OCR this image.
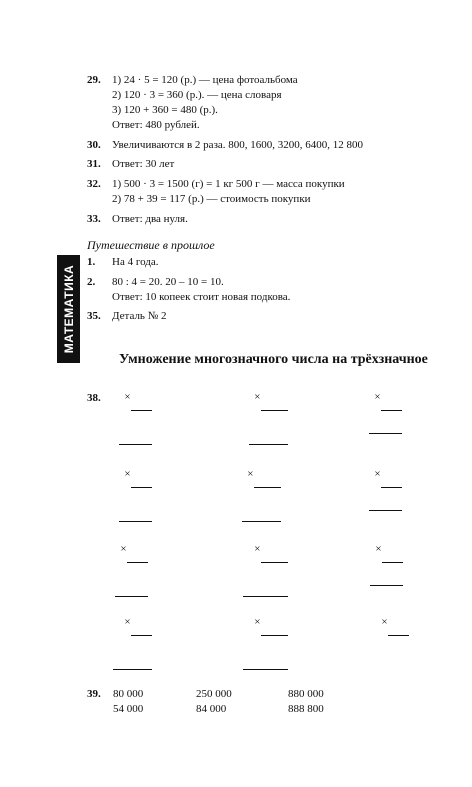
МАТЕМАТИКА
29. 1) 24 · 5 = 120 (р.) — цена фотоальбома
2) 120 · 3 = 360 (р.). — цена словаря
3) 120 + 360 = 480 (р.).
Ответ: 480 рублей.
30. Увеличиваются в 2 раза. 800, 1600, 3200, 6400, 12 800
31. Ответ: 30 лет
32. 1) 500 · 3 = 1500 (г) = 1 кг 500 г — масса покупки
2) 78 + 39 = 117 (р.) — стоимость покупки
33. Ответ: два нуля.
Путешествие в прошлое
1. На 4 года.
2. 80 : 4 = 20. 20 – 10 = 10.
Ответ: 10 копеек стоит новая подкова.
35. Деталь № 2
Умножение многозначного числа на трёхзначное
38. ×	×	×
×	×	×
×	×	×
×	×	×
39. 80 000	250 000	880 000
54 000	84 000	888 800
